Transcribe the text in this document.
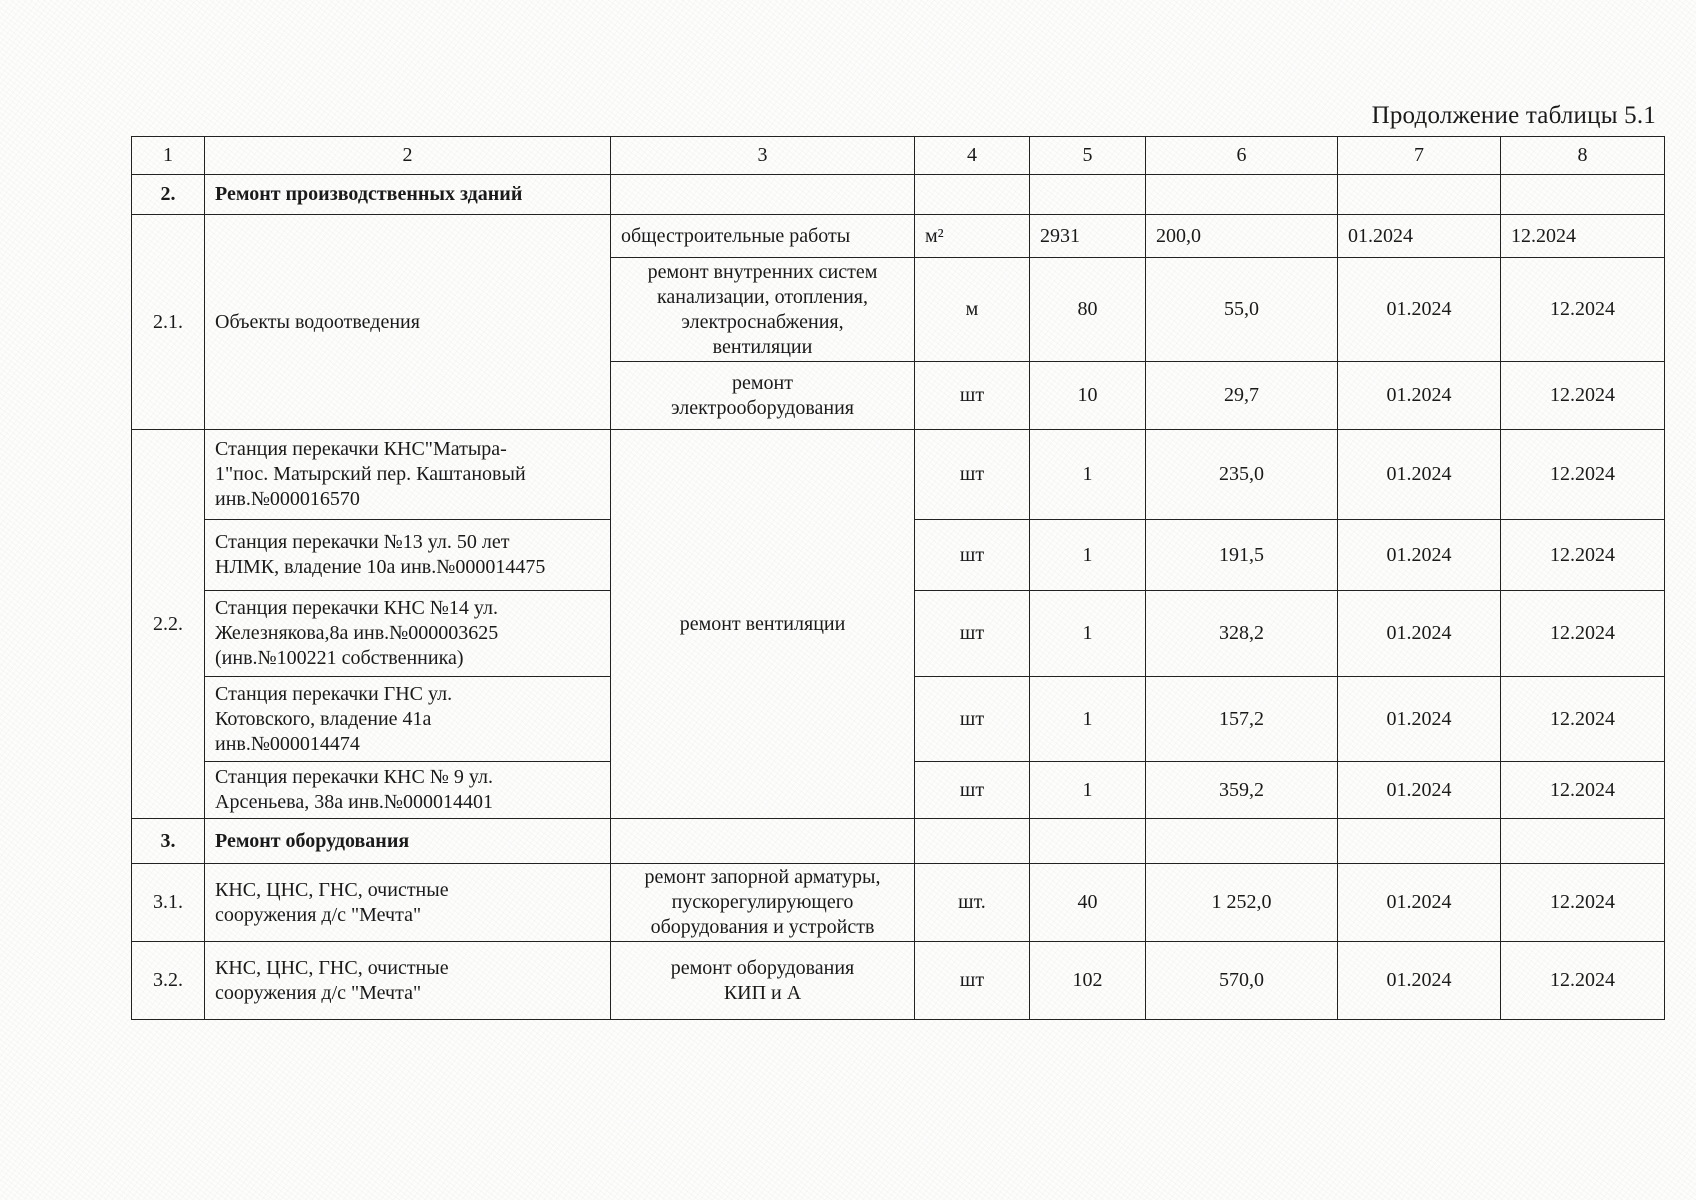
Продолжение таблицы 5.1
1	2	3	4	5	6	7	8
2.	Ремонт производственных зданий						
2.1.	Объекты водоотведения	общестроительные работы	м²	2931	200,0	01.2024	12.2024
		ремонт внутренних систем
канализации, отопления,
электроснабжения,
вентиляции	м	80	55,0	01.2024	12.2024
		ремонт
электрооборудования	шт	10	29,7	01.2024	12.2024
2.2.	Станция перекачки КНС"Матыра-
1"пос. Матырский пер. Каштановый
инв.№000016570	ремонт вентиляции	шт	1	235,0	01.2024	12.2024
	Станция перекачки №13 ул. 50 лет
НЛМК, владение 10а инв.№000014475		шт	1	191,5	01.2024	12.2024
	Станция перекачки КНС №14 ул.
Железнякова,8а инв.№000003625
(инв.№100221 собственника)		шт	1	328,2	01.2024	12.2024
	Станция перекачки ГНС ул.
Котовского, владение 41а
инв.№000014474		шт	1	157,2	01.2024	12.2024
	Станция перекачки КНС № 9 ул.
Арсеньева, 38а инв.№000014401		шт	1	359,2	01.2024	12.2024
3.	Ремонт оборудования						
3.1.	КНС, ЦНС, ГНС, очистные
сооружения д/с "Мечта"	ремонт запорной арматуры,
пускорегулирующего
оборудования и устройств	шт.	40	1 252,0	01.2024	12.2024
3.2.	КНС, ЦНС, ГНС, очистные
сооружения д/с "Мечта"	ремонт оборудования
КИП и А	шт	102	570,0	01.2024	12.2024
